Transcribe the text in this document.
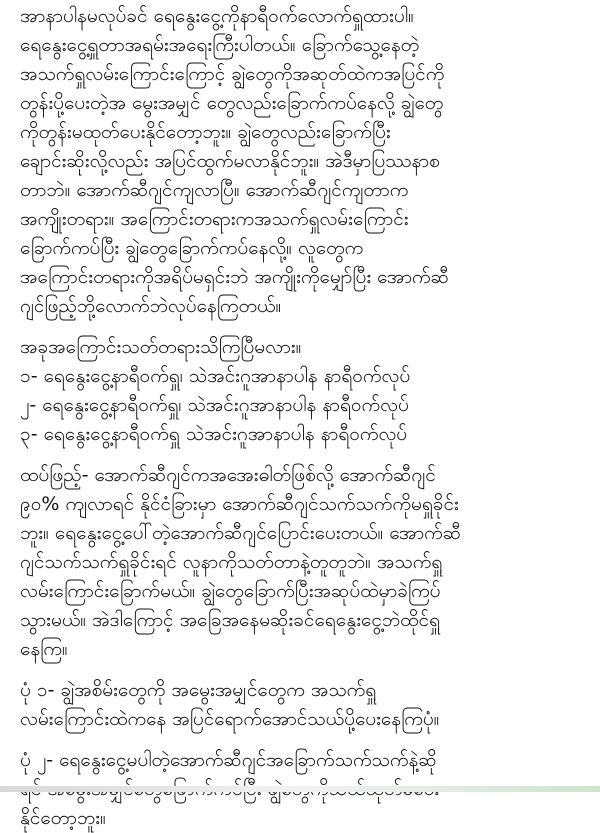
အာနာပါနမလုပ်ခင် ရေနွေးငွေ့ကိုနာရီဝက်လောက်ရှူထားပါ။
ရေနွေးငွေ့ရှူတာအရမ်းအရေးကြီးပါတယ်။ ခြောက်သွေ့နေတဲ့
အသက်ရှူလမ်းကြောင်းကြောင့် ချွဲတွေကိုအဆုတ်ထဲကအပြင်ကို
တွန်းပို့ပေးတဲ့အ မွေးအမျှင် တွေလည်းခြောက်ကပ်နေလို့ ချွဲတွေ
ကိုတွန်းမထုတ်ပေးနိုင်တော့ဘူး။ ချွဲတွေလည်းခြောက်ပြီး
ချောင်းဆိုးလို့လည်း အပြင်ထွက်မလာနိုင်ဘူး။ အဲဒီမှာပြဿနာစ
တာဘဲ။ အောက်ဆီဂျင်ကျလာပြီ။ အောက်ဆီဂျင်ကျတာက
အကျိုးတရား။ အကြောင်းတရားကအသက်ရှူလမ်းကြောင်း
ခြောက်ကပ်ပြီး ချွဲတွေခြောက်ကပ်နေလို့။ လူတွေက
အကြောင်းတရားကိုအရိပ်မရှင်းဘဲ အကျိုးကိုမျှော်ပြီး အောက်ဆီ
ဂျင်ဖြည့်ဘို့လောက်ဘဲလုပ်နေကြတယ်။
အခုအကြောင်းသတ်တရားသိကြပြီမလား။
၁- ရေနွေးငွေ့နာရီဝက်ရှူ၊ သဲအင်းဂူအာနာပါန နာရီဝက်လုပ်
၂- ရေနွေးငွေ့နာရီဝက်ရှူ၊ သဲအင်းဂူအာနာပါန နာရီဝက်လုပ်
၃- ရေနွေးငွေ့နာရီဝက်ရှူ သဲအင်းဂူအာနာပါန နာရီဝက်လုပ်
ထပ်ဖြည့်- အောက်ဆီဂျင်ကအအေးဓါတ်ဖြစ်လို့ အောက်ဆီဂျင်
၉၀% ကျလာရင် နိုင်ငံခြားမှာ အောက်ဆီဂျင်သက်သက်ကိုမရှူခိုင်း
ဘူး။ ရေနွေးငွေ့ပေါ်တဲ့အောက်ဆီဂျင်ပြောင်းပေးတယ်။ အောက်ဆီ
ဂျင်သက်သက်ရှူခိုင်းရင် လူနာကိုသတ်တာနဲ့တူတူဘဲ။ အသက်ရှူ
လမ်းကြောင်းခြောက်မယ်။ ချွဲတွေခြောက်ပြီးအဆုပ်ထဲမှာခဲကြပ်
သွားမယ်။ အဲဒါကြောင့် အခြေအနေမဆိုးခင်ရေနွေးငွေ့ဘဲထိုင်ရှူ
နေကြ။
ပုံ ၁- ချွဲအစိမ်းတွေကို အမွေးအမျှင်တွေက အသက်ရှူ
လမ်းကြောင်းထဲကနေ အပြင်ရောက်အောင်သယ်ပို့ပေးနေကြပုံ။
ပုံ ၂- ရေနွေးငွေ့မပါတဲ့အောက်ဆီဂျင်အခြောက်သက်သက်နဲ့ဆို
နိုင်တော့ဘူး။
